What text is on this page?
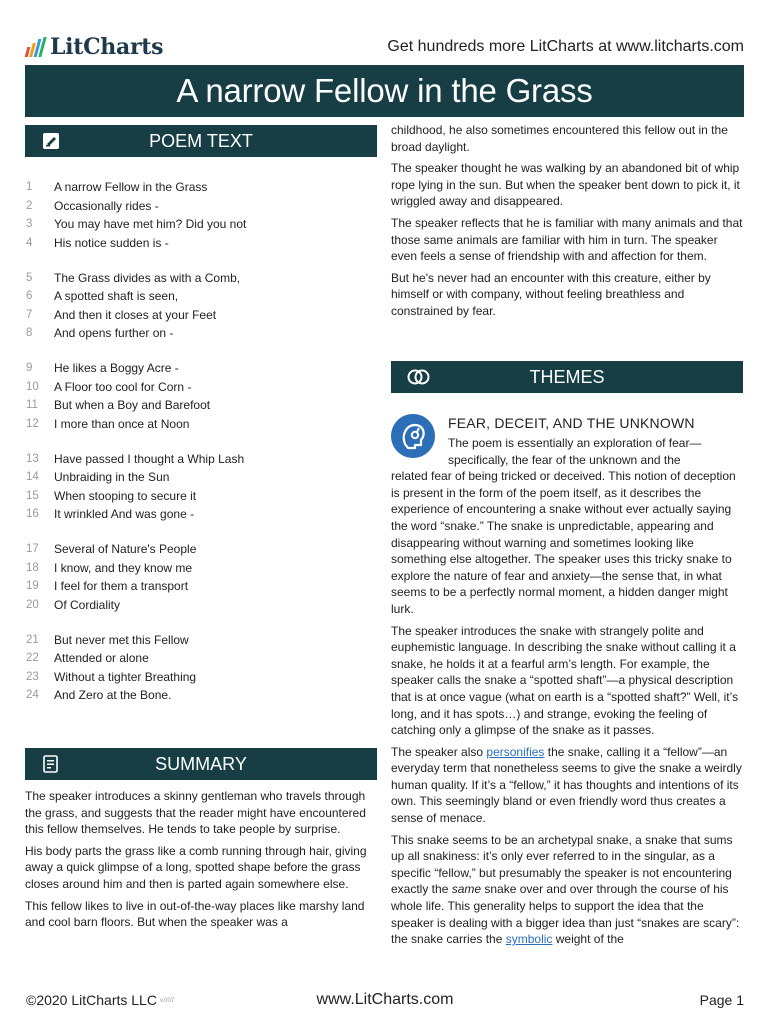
LitCharts	Get hundreds more LitCharts at www.litcharts.com
A narrow Fellow in the Grass
POEM TEXT
1	A narrow Fellow in the Grass
2	Occasionally rides -
3	You may have met him? Did you not
4	His notice sudden is -
5	The Grass divides as with a Comb,
6	A spotted shaft is seen,
7	And then it closes at your Feet
8	And opens further on -
9	He likes a Boggy Acre -
10	A Floor too cool for Corn -
11	But when a Boy and Barefoot
12	I more than once at Noon
13	Have passed I thought a Whip Lash
14	Unbraiding in the Sun
15	When stooping to secure it
16	It wrinkled And was gone -
17	Several of Nature's People
18	I know, and they know me
19	I feel for them a transport
20	Of Cordiality
21	But never met this Fellow
22	Attended or alone
23	Without a tighter Breathing
24	And Zero at the Bone.
SUMMARY

The speaker introduces a skinny gentleman who travels through the grass, and suggests that the reader might have encountered this fellow themselves. He tends to take people by surprise.

His body parts the grass like a comb running through hair, giving away a quick glimpse of a long, spotted shape before the grass closes around him and then is parted again somewhere else.

This fellow likes to live in out-of-the-way places like marshy land and cool barn floors. But when the speaker was a

childhood, he also sometimes encountered this fellow out in the broad daylight.

The speaker thought he was walking by an abandoned bit of whip rope lying in the sun. But when the speaker bent down to pick it, it wriggled away and disappeared.

The speaker reflects that he is familiar with many animals and that those same animals are familiar with him in turn. The speaker even feels a sense of friendship with and affection for them.

But he's never had an encounter with this creature, either by himself or with company, without feeling breathless and constrained by fear.

THEMES
FEAR, DECEIT, AND THE UNKNOWN

The poem is essentially an exploration of fear—specifically, the fear of the unknown and the

related fear of being tricked or deceived. This notion of deception is present in the form of the poem itself, as it describes the experience of encountering a snake without ever actually saying the word “snake.” The snake is unpredictable, appearing and disappearing without warning and sometimes looking like something else altogether. The speaker uses this tricky snake to explore the nature of fear and anxiety—the sense that, in what seems to be a perfectly normal moment, a hidden danger might lurk.

The speaker introduces the snake with strangely polite and euphemistic language. In describing the snake without calling it a snake, he holds it at a fearful arm’s length. For example, the speaker calls the snake a “spotted shaft”—a physical description that is at once vague (what on earth is a “spotted shaft?” Well, it’s long, and it has spots…) and strange, evoking the feeling of catching only a glimpse of the snake as it passes.

The speaker also personifies the snake, calling it a “fellow”—an everyday term that nonetheless seems to give the snake a weirdly human quality. If it’s a “fellow,” it has thoughts and intentions of its own. This seemingly bland or even friendly word thus creates a sense of menace.

This snake seems to be an archetypal snake, a snake that sums up all snakiness: it’s only ever referred to in the singular, as a specific “fellow,” but presumably the speaker is not encountering exactly the same snake over and over through the course of his whole life. This generality helps to support the idea that the speaker is dealing with a bigger idea than just “snakes are scary”: the snake carries the symbolic weight of the

©2020 LitCharts LLC v.007	www.LitCharts.com	Page 1
